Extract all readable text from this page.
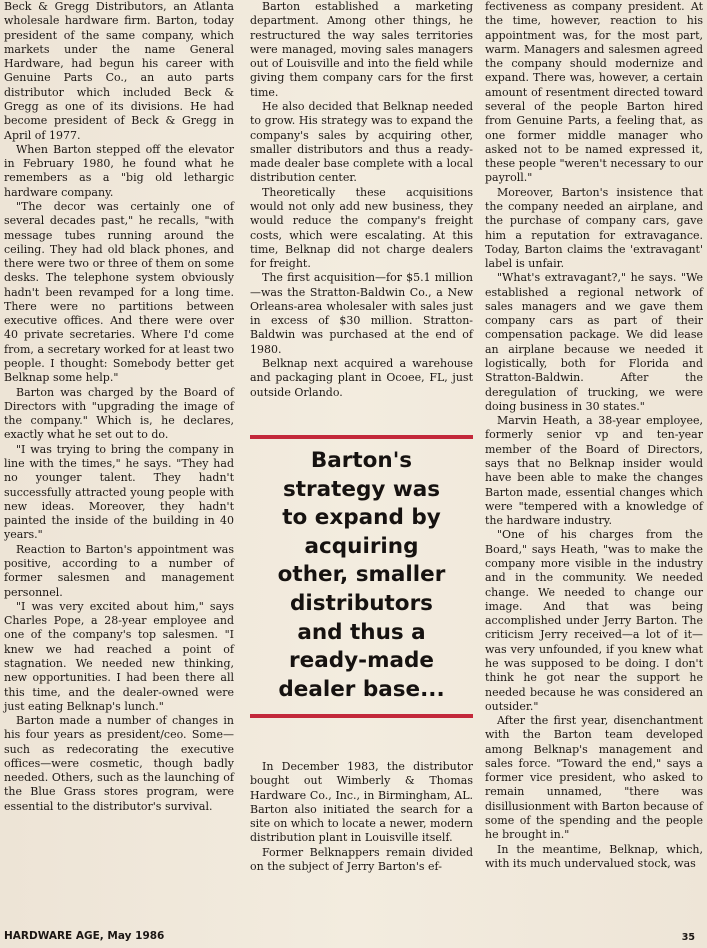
Beck & Gregg Distributors, an Atlanta wholesale hardware firm. Barton, today president of the same company, which markets under the name General Hardware, had begun his career with Genuine Parts Co., an auto parts distributor which included Beck & Gregg as one of its divisions. He had become president of Beck & Gregg in April of 1977.

When Barton stepped off the elevator in February 1980, he found what he remembers as a "big old lethargic hardware company.

"The decor was certainly one of several decades past," he recalls, "with message tubes running around the ceiling. They had old black phones, and there were two or three of them on some desks. The telephone system obviously hadn't been revamped for a long time. There were no partitions between executive offices. And there were over 40 private secretaries. Where I'd come from, a secretary worked for at least two people. I thought: Somebody better get Belknap some help."

Barton was charged by the Board of Directors with "upgrading the image of the company." Which is, he declares, exactly what he set out to do.

"I was trying to bring the company in line with the times," he says. "They had no younger talent. They hadn't successfully attracted young people with new ideas. Moreover, they hadn't painted the inside of the building in 40 years."

Reaction to Barton's appointment was positive, according to a number of former salesmen and management personnel.

"I was very excited about him," says Charles Pope, a 28-year employee and one of the company's top salesmen. "I knew we had reached a point of stagnation. We needed new thinking, new opportunities. I had been there all this time, and the dealer-owned were just eating Belknap's lunch."

Barton made a number of changes in his four years as president/ceo. Some—such as redecorating the executive offices—were cosmetic, though badly needed. Others, such as the launching of the Blue Grass stores program, were essential to the distributor's survival.

Barton established a marketing department. Among other things, he restructured the way sales territories were managed, moving sales managers out of Louisville and into the field while giving them company cars for the first time.

He also decided that Belknap needed to grow. His strategy was to expand the company's sales by acquiring other, smaller distributors and thus a ready-made dealer base complete with a local distribution center.

Theoretically these acquisitions would not only add new business, they would reduce the company's freight costs, which were escalating. At this time, Belknap did not charge dealers for freight.

The first acquisition—for $5.1 million—was the Stratton-Baldwin Co., a New Orleans-area wholesaler with sales just in excess of $30 million. Stratton-Baldwin was purchased at the end of 1980.

Belknap next acquired a warehouse and packaging plant in Ocoee, FL, just outside Orlando.

Barton's
strategy was
to expand by
acquiring
other, smaller
distributors
and thus a
ready-made
dealer base...

In December 1983, the distributor bought out Wimberly & Thomas Hardware Co., Inc., in Birmingham, AL. Barton also initiated the search for a site on which to locate a newer, modern distribution plant in Louisville itself.

Former Belknappers remain divided on the subject of Jerry Barton's ef-

fectiveness as company president. At the time, however, reaction to his appointment was, for the most part, warm. Managers and salesmen agreed the company should modernize and expand. There was, however, a certain amount of resentment directed toward several of the people Barton hired from Genuine Parts, a feeling that, as one former middle manager who asked not to be named expressed it, these people "weren't necessary to our payroll."

Moreover, Barton's insistence that the company needed an airplane, and the purchase of company cars, gave him a reputation for extravagance. Today, Barton claims the 'extravagant' label is unfair.

"What's extravagant?," he says. "We established a regional network of sales managers and we gave them company cars as part of their compensation package. We did lease an airplane because we needed it logistically, both for Florida and Stratton-Baldwin. After the deregulation of trucking, we were doing business in 30 states."

Marvin Heath, a 38-year employee, formerly senior vp and ten-year member of the Board of Directors, says that no Belknap insider would have been able to make the changes Barton made, essential changes which were "tempered with a knowledge of the hardware industry.

"One of his charges from the Board," says Heath, "was to make the company more visible in the industry and in the community. We needed change. We needed to change our image. And that was being accomplished under Jerry Barton. The criticism Jerry received—a lot of it—was very unfounded, if you knew what he was supposed to be doing. I don't think he got near the support he needed because he was considered an outsider."

After the first year, disenchantment with the Barton team developed among Belknap's management and sales force. "Toward the end," says a former vice president, who asked to remain unnamed, "there was disillusionment with Barton because of some of the spending and the people he brought in."

In the meantime, Belknap, which, with its much undervalued stock, was

HARDWARE AGE, May 1986	35
